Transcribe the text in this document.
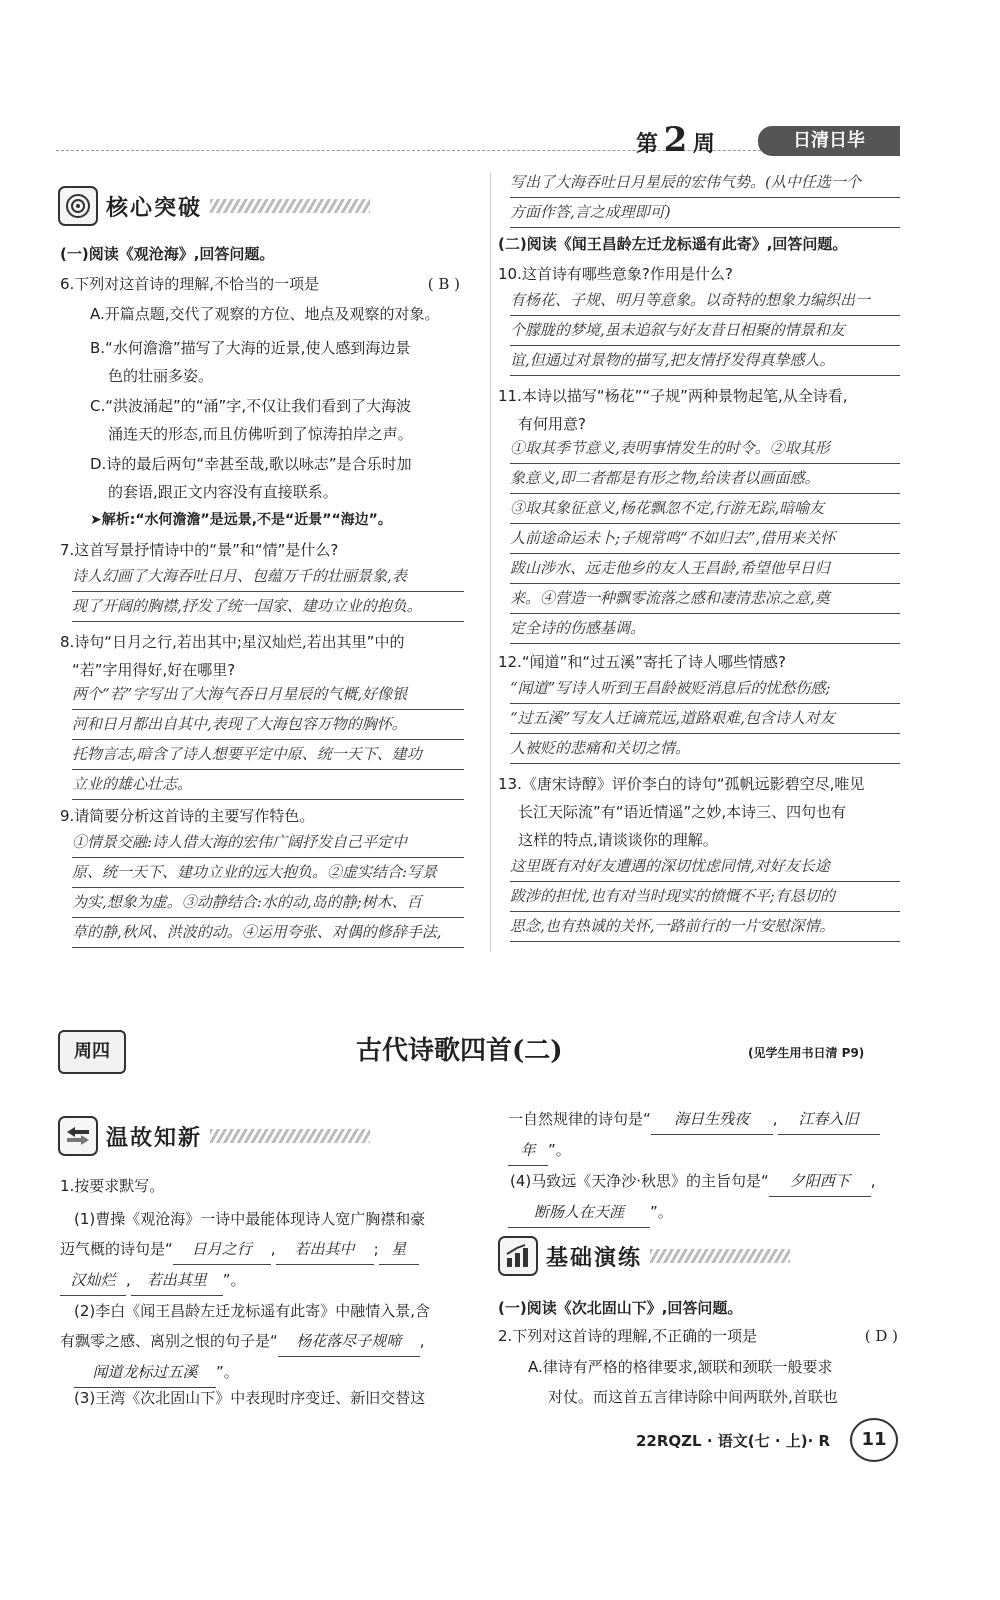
第 2 周	日清日毕
核心突破
(一)阅读《观沧海》,回答问题。
6.下列对这首诗的理解,不恰当的一项是	( B )
A.开篇点题,交代了观察的方位、地点及观察的对象。
B.“水何澹澹”描写了大海的近景,使人感到海边景
色的壮丽多姿。
C.“洪波涌起”的“涌”字,不仅让我们看到了大海波
涌连天的形态,而且仿佛听到了惊涛拍岸之声。
D.诗的最后两句“幸甚至哉,歌以咏志”是合乐时加
的套语,跟正文内容没有直接联系。
➤解析:“水何澹澹”是远景,不是“近景”“海边”。
7.这首写景抒情诗中的“景”和“情”是什么?
诗人幻画了大海吞吐日月、包蕴万千的壮丽景象,表
现了开阔的胸襟,抒发了统一国家、建功立业的抱负。
8.诗句“日月之行,若出其中;星汉灿烂,若出其里”中的
“若”字用得好,好在哪里?
两个“若”字写出了大海气吞日月星辰的气概,好像银
河和日月都出自其中,表现了大海包容万物的胸怀。
托物言志,暗含了诗人想要平定中原、统一天下、建功
立业的雄心壮志。
9.请简要分析这首诗的主要写作特色。
①情景交融:诗人借大海的宏伟广阔抒发自己平定中
原、统一天下、建功立业的远大抱负。②虚实结合:写景
为实,想象为虚。③动静结合:水的动,岛的静;树木、百
草的静,秋风、洪波的动。④运用夸张、对偶的修辞手法,
写出了大海吞吐日月星辰的宏伟气势。(从中任选一个
方面作答,言之成理即可)
(二)阅读《闻王昌龄左迁龙标遥有此寄》,回答问题。
10.这首诗有哪些意象?作用是什么?
有杨花、子规、明月等意象。以奇特的想象力编织出一
个朦胧的梦境,虽未追叙与好友昔日相聚的情景和友
谊,但通过对景物的描写,把友情抒发得真挚感人。
11.本诗以描写“杨花”“子规”两种景物起笔,从全诗看,
有何用意?
①取其季节意义,表明事情发生的时令。②取其形
象意义,即二者都是有形之物,给读者以画面感。
③取其象征意义,杨花飘忽不定,行游无踪,暗喻友
人前途命运未卜;子规常鸣“不如归去”,借用来关怀
跋山涉水、远走他乡的友人王昌龄,希望他早日归
来。④营造一种飘零流落之感和凄清悲凉之意,奠
定全诗的伤感基调。
12.“闻道”和“过五溪”寄托了诗人哪些情感?
“闻道”写诗人听到王昌龄被贬消息后的忧愁伤感;
“过五溪”写友人迁谪荒远,道路艰难,包含诗人对友
人被贬的悲痛和关切之情。
13.《唐宋诗醇》评价李白的诗句“孤帆远影碧空尽,唯见
长江天际流”有“语近情遥”之妙,本诗三、四句也有
这样的特点,请谈谈你的理解。
这里既有对好友遭遇的深切忧虑同情,对好友长途
跋涉的担忧,也有对当时现实的愤慨不平;有恳切的
思念,也有热诚的关怀,一路前行的一片安慰深情。
周四	古代诗歌四首(二)	(见学生用书日清 P9)
温故知新
1.按要求默写。
(1)曹操《观沧海》一诗中最能体现诗人宽广胸襟和豪
迈气概的诗句是“ 日月之行 , 若出其中 ; 星
汉灿烂 , 若出其里 ”。
(2)李白《闻王昌龄左迁龙标遥有此寄》中融情入景,含
有飘零之感、离别之恨的句子是“ 杨花落尽子规啼 ,
闻道龙标过五溪 ”。
(3)王湾《次北固山下》中表现时序变迁、新旧交替这
一自然规律的诗句是“ 海日生残夜 , 江春入旧
年 ”。
(4)马致远《天净沙·秋思》的主旨句是“ 夕阳西下 ,
断肠人在天涯 ”。
基础演练
(一)阅读《次北固山下》,回答问题。
2.下列对这首诗的理解,不正确的一项是	( D )
A.律诗有严格的格律要求,颔联和颈联一般要求
对仗。而这首五言律诗除中间两联外,首联也
22RQZL · 语文(七 · 上)· R	11
